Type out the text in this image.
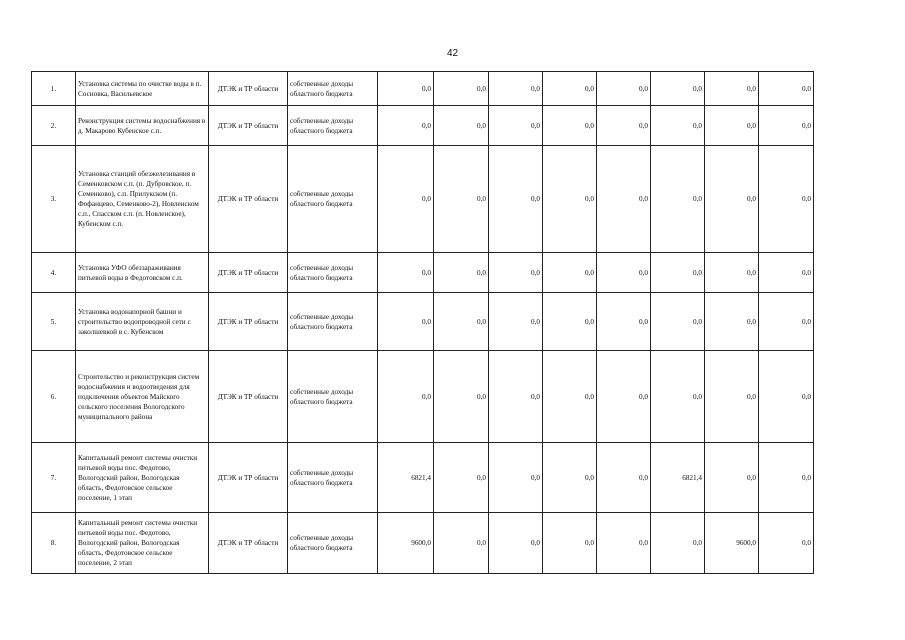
42
1.	Установка системы по очистке воды в п. Сосновка, Васильевское	ДТЭК и ТР области	собственные доходы областного бюджета	0,0	0,0	0,0	0,0	0,0	0,0	0,0	0,0
2.	Реконструкция системы водоснабжения в д. Макарово Кубенское с.п.	ДТЭК и ТР области	собственные доходы областного бюджета	0,0	0,0	0,0	0,0	0,0	0,0	0,0	0,0
3.	Установка станций обезжелезивания в Семенковском с.п. (п. Дубровское, п. Семенково), с.п. Прилукском (п. Фофанцево, Семенково-2), Новленском с.п., Спасском с.п. (п. Новленское), Кубенском с.п.	ДТЭК и ТР области	собственные доходы областного бюджета	0,0	0,0	0,0	0,0	0,0	0,0	0,0	0,0
4.	Установка УФО обеззараживания питьевой воды в Федотовском с.п.	ДТЭК и ТР области	собственные доходы областного бюджета	0,0	0,0	0,0	0,0	0,0	0,0	0,0	0,0
5.	Установка водонапорной башни и строительство водопроводной сети с заколшевкой в с. Кубенском	ДТЭК и ТР области	собственные доходы областного бюджета	0,0	0,0	0,0	0,0	0,0	0,0	0,0	0,0
6.	Строительство и реконструкция систем водоснабжения и водоотведения для подключения объектов Майского сельского поселения Вологодского муниципального района	ДТЭК и ТР области	собственные доходы областного бюджета	0,0	0,0	0,0	0,0	0,0	0,0	0,0	0,0
7.	Капитальный ремонт системы очистки питьевой воды пос. Федотово, Вологодский район, Вологодская область, Федотовское сельское поселение, 1 этап	ДТЭК и ТР области	собственные доходы областного бюджета	6821,4	0,0	0,0	0,0	0,0	6821,4	0,0	0,0
8.	Капитальный ремонт системы очистки питьевой воды пос. Федотово, Вологодский район, Вологодская область, Федотовское сельское поселение, 2 этап	ДТЭК и ТР области	собственные доходы областного бюджета	9600,0	0,0	0,0	0,0	0,0	0,0	9600,0	0,0
